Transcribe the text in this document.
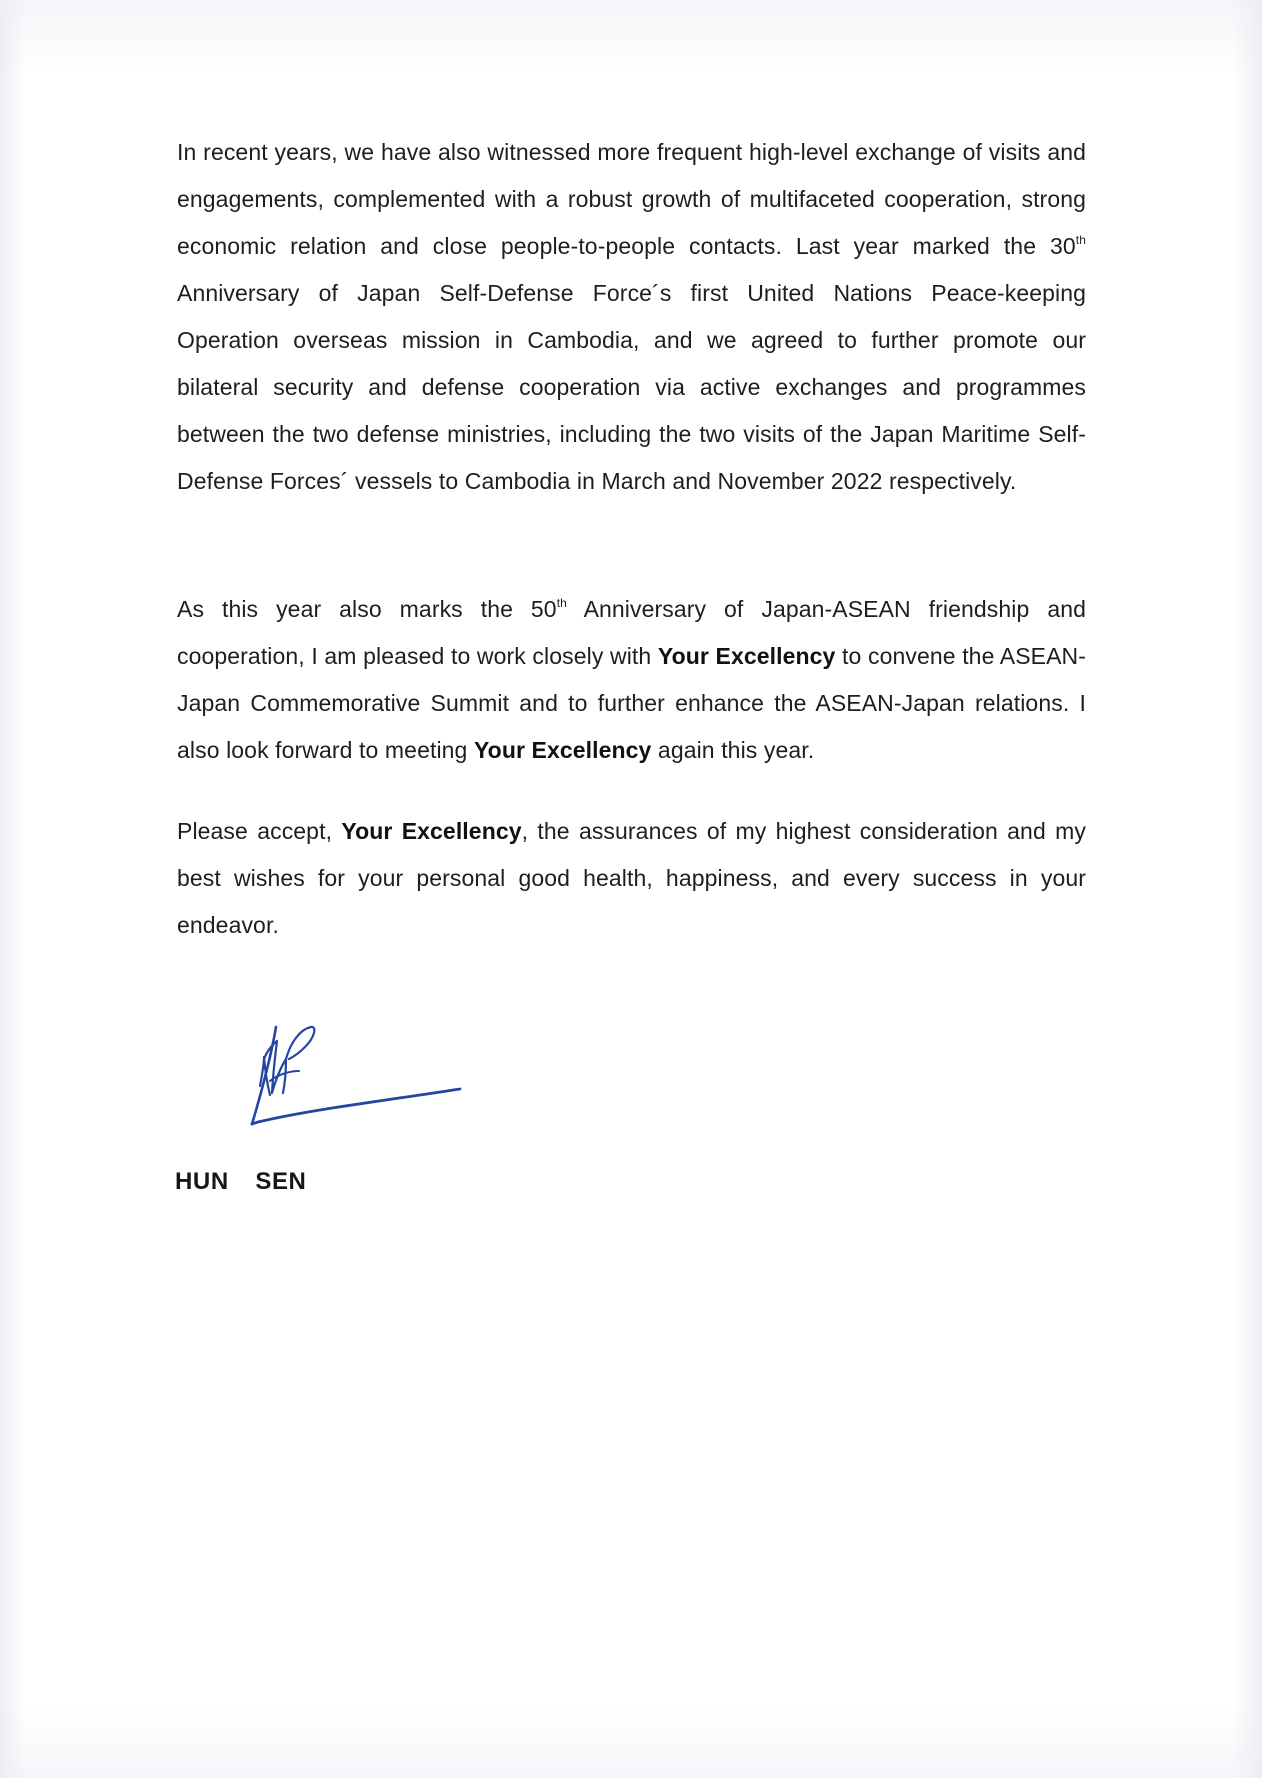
In recent years, we have also witnessed more frequent high-level exchange of visits and engagements, complemented with a robust growth of multifaceted cooperation, strong economic relation and close people-to-people contacts. Last year marked the 30th Anniversary of Japan Self-Defense Force´s first United Nations Peace-keeping Operation overseas mission in Cambodia, and we agreed to further promote our bilateral security and defense cooperation via active exchanges and programmes between the two defense ministries, including the two visits of the Japan Maritime Self-Defense Forces´ vessels to Cambodia in March and November 2022 respectively.

As this year also marks the 50th Anniversary of Japan-ASEAN friendship and cooperation, I am pleased to work closely with Your Excellency to convene the ASEAN-Japan Commemorative Summit and to further enhance the ASEAN-Japan relations. I also look forward to meeting Your Excellency again this year.

Please accept, Your Excellency, the assurances of my highest consideration and my best wishes for your personal good health, happiness, and every success in your endeavor.

HUN  SEN
